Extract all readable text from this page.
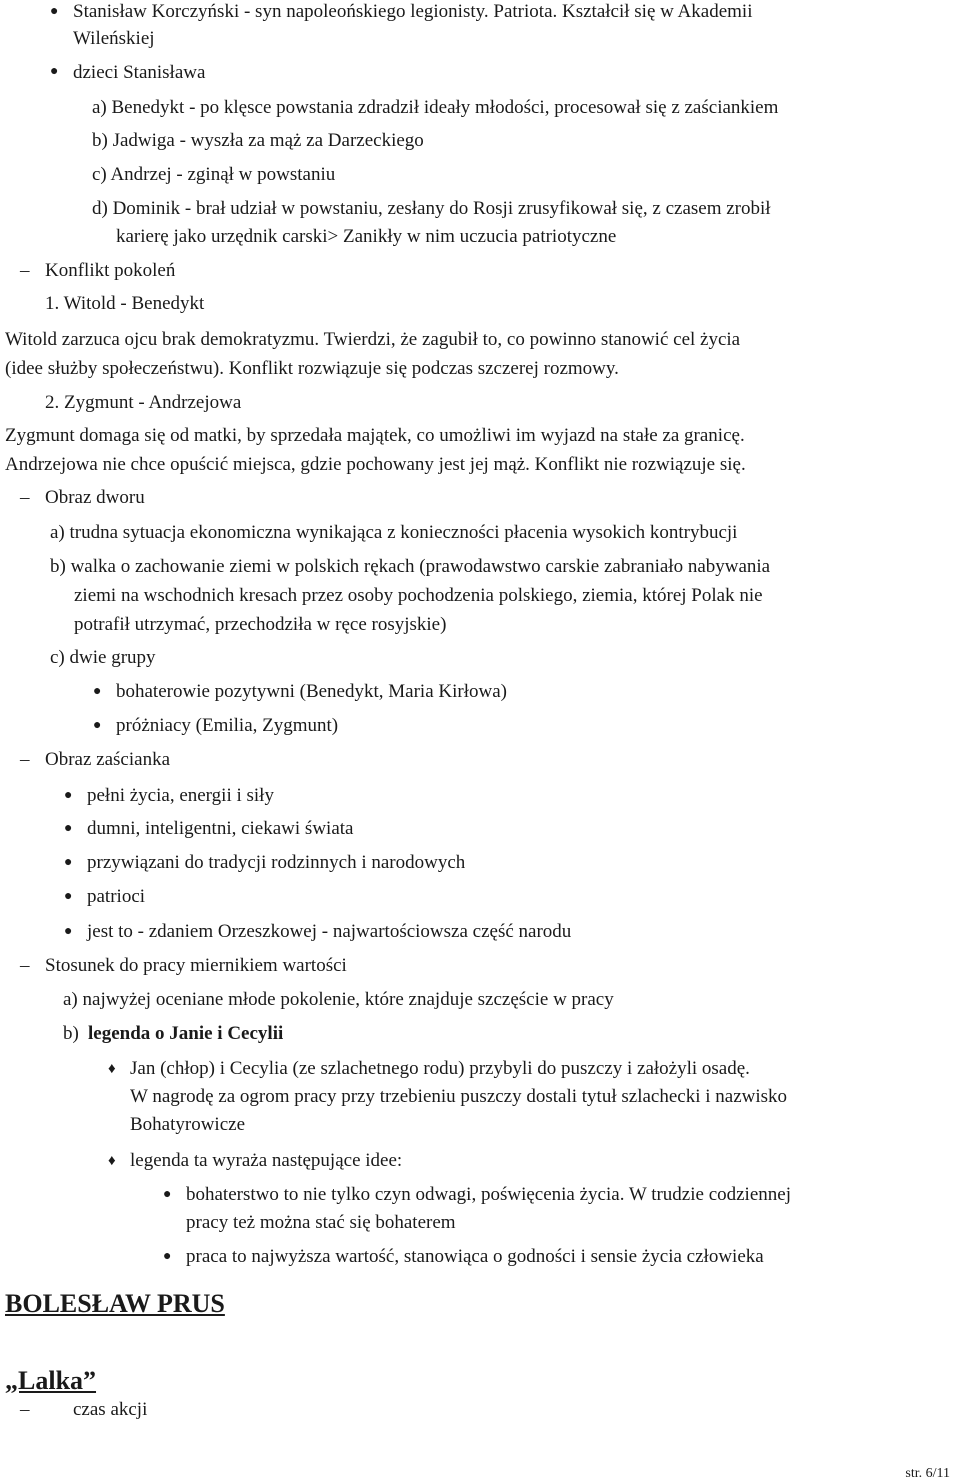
●
●
Stanisław Korczyński - syn napoleońskiego legionisty. Patriota. Kształcił się w Akademii
Wileńskiej
dzieci Stanisława
a) Benedykt - po klęsce powstania zdradził ideały młodości, procesował się z zaściankiem
b) Jadwiga - wyszła za mąż za Darzeckiego
c) Andrzej - zginął w powstaniu
d) Dominik - brał udział w powstaniu, zesłany do Rosji zrusyfikował się, z czasem zrobił
karierę jako urzędnik carski> Zanikły w nim uczucia patriotyczne
– Konflikt pokoleń
1. Witold - Benedykt
Witold zarzuca ojcu brak demokratyzmu. Twierdzi, że zagubił to, co powinno stanowić cel życia
(idee służby społeczeństwu). Konflikt rozwiązuje się podczas szczerej rozmowy.
2. Zygmunt - Andrzejowa
Zygmunt domaga się od matki, by sprzedała majątek, co umożliwi im wyjazd na stałe za granicę.
Andrzejowa nie chce opuścić miejsca, gdzie pochowany jest jej mąż. Konflikt nie rozwiązuje się.
– Obraz dworu
a) trudna sytuacja ekonomiczna wynikająca z konieczności płacenia wysokich kontrybucji
b) walka o zachowanie ziemi w polskich rękach (prawodawstwo carskie zabraniało nabywania
ziemi na wschodnich kresach przez osoby pochodzenia polskiego, ziemia, której Polak nie
potrafił utrzymać, przechodziła w ręce rosyjskie)
c) dwie grupy
● bohaterowie pozytywni (Benedykt, Maria Kirłowa)
● próżniacy (Emilia, Zygmunt)
– Obraz zaścianka
● pełni życia, energii i siły
● dumni, inteligentni, ciekawi świata
● przywiązani do tradycji rodzinnych i narodowych
● patrioci
● jest to - zdaniem Orzeszkowej - najwartościowsza część narodu
– Stosunek do pracy miernikiem wartości
a) najwyżej oceniane młode pokolenie, które znajduje szczęście w pracy
b) legenda o Janie i Cecylii
♦ Jan (chłop) i Cecylia (ze szlachetnego rodu) przybyli do puszczy i założyli osadę.
W nagrodę za ogrom pracy przy trzebieniu puszczy dostali tytuł szlachecki i nazwisko
Bohatyrowicze
♦ legenda ta wyraża następujące idee:
● bohaterstwo to nie tylko czyn odwagi, poświęcenia życia. W trudzie codziennej
pracy też można stać się bohaterem
● praca to najwyższa wartość, stanowiąca o godności i sensie życia człowieka
BOLESŁAW PRUS
„Lalka”
– czas akcji
str. 6/11
